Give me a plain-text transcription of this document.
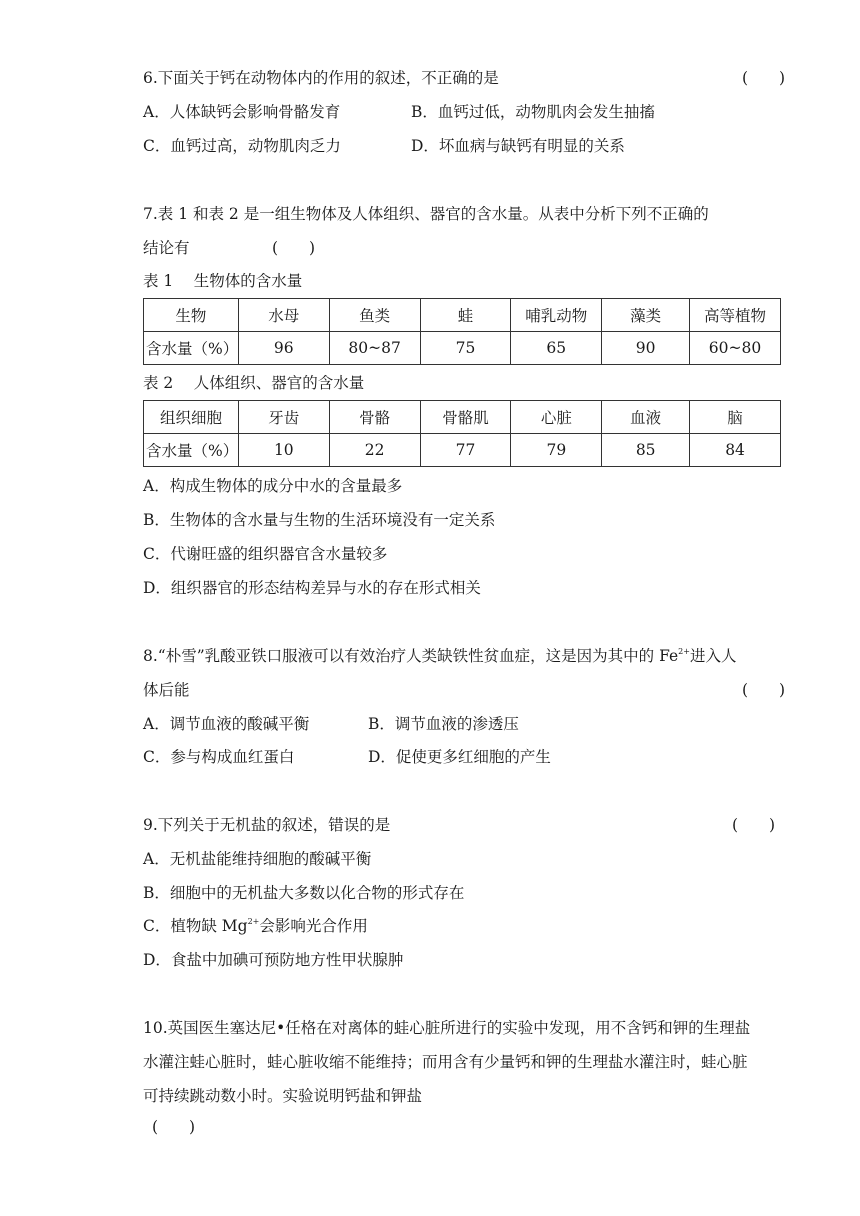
6.下面关于钙在动物体内的作用的叙述，不正确的是	(　　)
A．人体缺钙会影响骨骼发育	B．血钙过低，动物肌肉会发生抽搐
C．血钙过高，动物肌肉乏力	D．坏血病与缺钙有明显的关系
7.表 1 和表 2 是一组生物体及人体组织、器官的含水量。从表中分析下列不正确的
结论有	(　　)
表 1　 生物体的含水量
生物	水母	鱼类	蛙	哺乳动物	藻类	高等植物
含水量（%）	96	80~87	75	65	90	60~80
表 2　 人体组织、器官的含水量
组织细胞	牙齿	骨骼	骨骼肌	心脏	血液	脑
含水量（%）	10	22	77	79	85	84
A．构成生物体的成分中水的含量最多
B．生物体的含水量与生物的生活环境没有一定关系
C．代谢旺盛的组织器官含水量较多
D．组织器官的形态结构差异与水的存在形式相关
8.“朴雪”乳酸亚铁口服液可以有效治疗人类缺铁性贫血症，这是因为其中的 $Fe^{2+}$进入人
体后能	(　　)
A．调节血液的酸碱平衡	B．调节血液的渗透压
C．参与构成血红蛋白	D．促使更多红细胞的产生
9.下列关于无机盐的叙述，错误的是	(　　)
A．无机盐能维持细胞的酸碱平衡
B．细胞中的无机盐大多数以化合物的形式存在
C．植物缺 $Mg^{2+}$会影响光合作用
D．食盐中加碘可预防地方性甲状腺肿
10.英国医生塞达尼•任格在对离体的蛙心脏所进行的实验中发现，用不含钙和钾的生理盐
水灌注蛙心脏时，蛙心脏收缩不能维持；而用含有少量钙和钾的生理盐水灌注时，蛙心脏
可持续跳动数小时。实验说明钙盐和钾盐
(　　)
